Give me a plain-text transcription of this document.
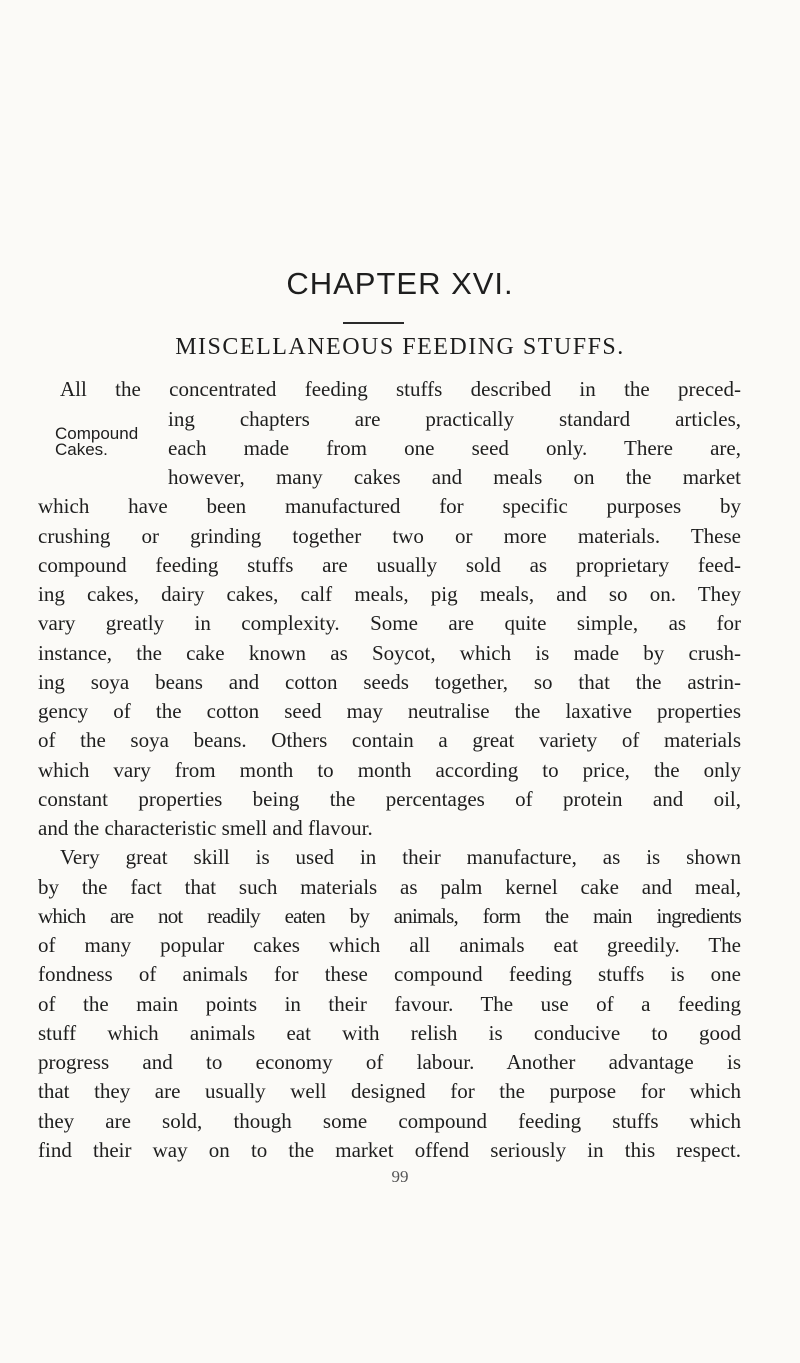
CHAPTER XVI.
MISCELLANEOUS FEEDING STUFFS.
Compound
Cakes.
All the concentrated feeding stuffs described in the preced-
ing chapters are practically standard articles,
each made from one seed only. There are,
however, many cakes and meals on the market
which have been manufactured for specific purposes by
crushing or grinding together two or more materials. These
compound feeding stuffs are usually sold as proprietary feed-
ing cakes, dairy cakes, calf meals, pig meals, and so on. They
vary greatly in complexity. Some are quite simple, as for
instance, the cake known as Soycot, which is made by crush-
ing soya beans and cotton seeds together, so that the astrin-
gency of the cotton seed may neutralise the laxative properties
of the soya beans. Others contain a great variety of materials
which vary from month to month according to price, the only
constant properties being the percentages of protein and oil,
and the characteristic smell and flavour.
Very great skill is used in their manufacture, as is shown
by the fact that such materials as palm kernel cake and meal,
which are not readily eaten by animals, form the main ingredients
of many popular cakes which all animals eat greedily. The
fondness of animals for these compound feeding stuffs is one
of the main points in their favour. The use of a feeding
stuff which animals eat with relish is conducive to good
progress and to economy of labour. Another advantage is
that they are usually well designed for the purpose for which
they are sold, though some compound feeding stuffs which
find their way on to the market offend seriously in this respect.
99
